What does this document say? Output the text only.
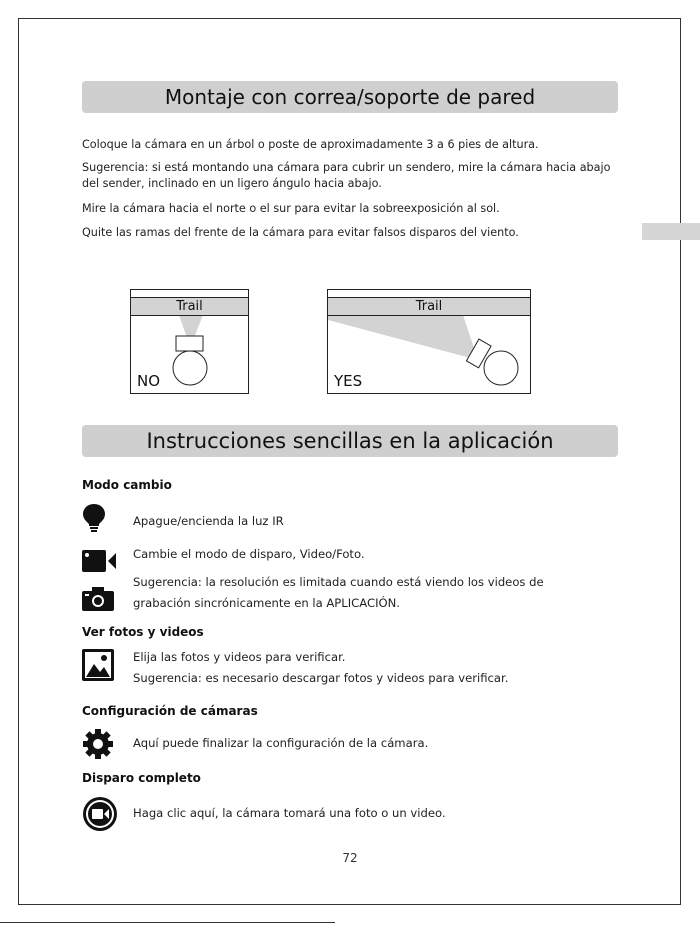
Montaje con correa/soporte de pared
Coloque la cámara en un árbol o poste de aproximadamente 3 a 6 pies de altura.
Sugerencia: si está montando una cámara para cubrir un sendero, mire la cámara hacia abajo del sender, inclinado en un ligero ángulo hacia abajo.
Mire la cámara hacia el norte o el sur para evitar la sobreexposición al sol.
Quite las ramas del frente de la cámara para evitar falsos disparos del viento.
Trail
NO
Trail
YES
Instrucciones sencillas en la aplicación
Modo cambio
Apague/encienda la luz IR
Cambie el modo de disparo, Video/Foto.
Sugerencia: la resolución es limitada cuando está viendo los videos de
grabación sincrónicamente en la APLICACIÓN.
Ver fotos y videos
Elija las fotos y videos para verificar.
Sugerencia: es necesario descargar fotos y videos para verificar.
Configuración de cámaras
Aquí puede finalizar la configuración de la cámara.
Disparo completo
Haga clic aquí, la cámara tomará una foto o un video.
72
